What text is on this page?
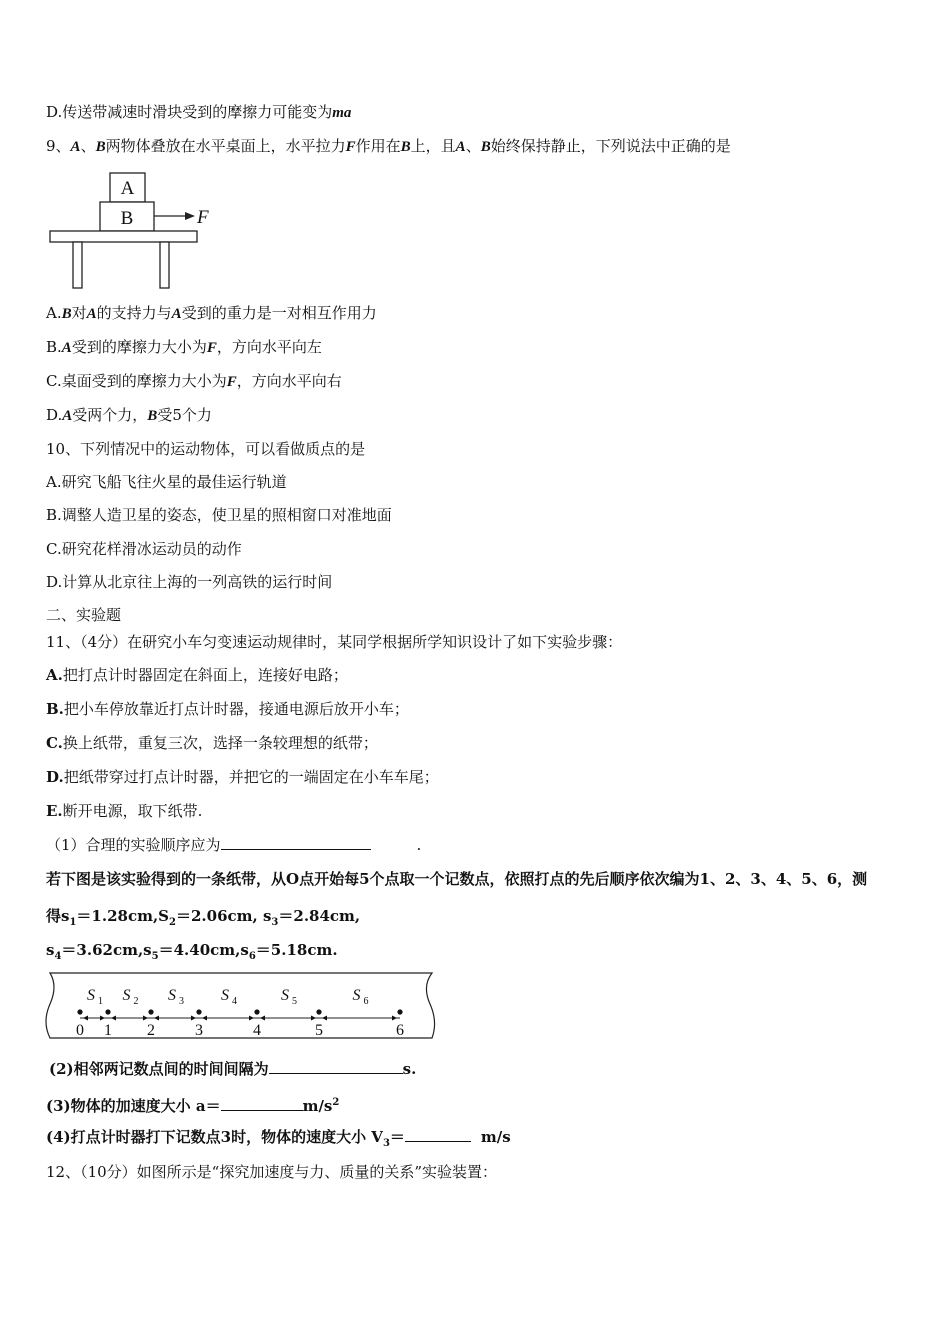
D.传送带减速时滑块受到的摩擦力可能变为ma
9、A、B两物体叠放在水平桌面上，水平拉力F作用在B上，且A、B始终保持静止，下列说法中正确的是
A
B	F
A.B对A的支持力与A受到的重力是一对相互作用力
B.A受到的摩擦力大小为F，方向水平向左
C.桌面受到的摩擦力大小为F，方向水平向右
D.A受两个力，B受5个力
10、下列情况中的运动物体，可以看做质点的是
A.研究飞船飞往火星的最佳运行轨道
B.调整人造卫星的姿态，使卫星的照相窗口对准地面
C.研究花样滑冰运动员的动作
D.计算从北京往上海的一列高铁的运行时间
二、实验题
11、（4分）在研究小车匀变速运动规律时，某同学根据所学知识设计了如下实验步骤：
A.把打点计时器固定在斜面上，连接好电路；
B.把小车停放靠近打点计时器，接通电源后放开小车；
C.换上纸带，重复三次，选择一条较理想的纸带；
D.把纸带穿过打点计时器，并把它的一端固定在小车车尾；
E.断开电源，取下纸带.
（1）合理的实验顺序应为	.
若下图是该实验得到的一条纸带，从O点开始每5个点取一个记数点，依照打点的先后顺序依次编为1、2、3、4、5、6，测
得$s_1=1.28cm,S_2=2.06cm$, $s_3=2.84cm$,
$s_4=3.62cm,s_5=4.40cm,s_6=5.18cm$.
0 1 2	3	4	5	6
S 1 S 2 S 3 S 4	S 5	S 6
(2)相邻两记数点间的时间间隔为	s.
(3)物体的加速度大小 a＝	$m/s^2$
(4)打点计时器打下记数点3时，物体的速度大小 $V_3=$	m/s
12、（10分）如图所示是“探究加速度与力、质量的关系”实验装置：
